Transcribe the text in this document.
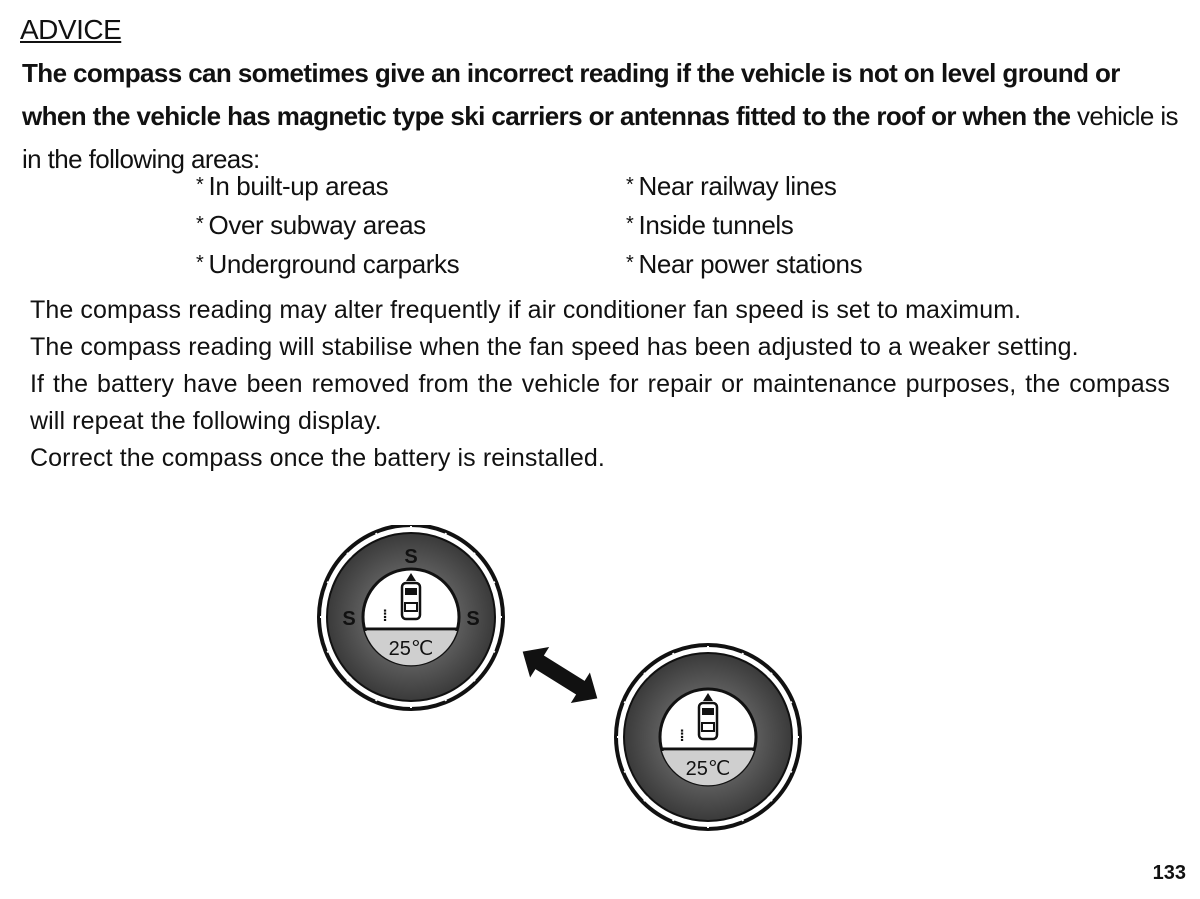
ADVICE

The compass can sometimes give an incorrect reading if the vehicle is not on level ground or when the vehicle has magnetic type ski carriers or antennas fitted to the roof or when the vehicle is in the following areas:

* In built-up areas	* Near railway lines
* Over subway areas	* Inside tunnels
* Underground carparks	* Near power stations

The compass reading may alter frequently if air conditioner fan speed is set to maximum.

The compass reading will stabilise when the fan speed has been adjusted to a weaker setting.

If the battery have been removed from the vehicle for repair or maintenance purposes, the compass will repeat the following display.

Correct the compass once the battery is reinstalled.

S
S	S
⁞
25℃
⁞
25℃

133
